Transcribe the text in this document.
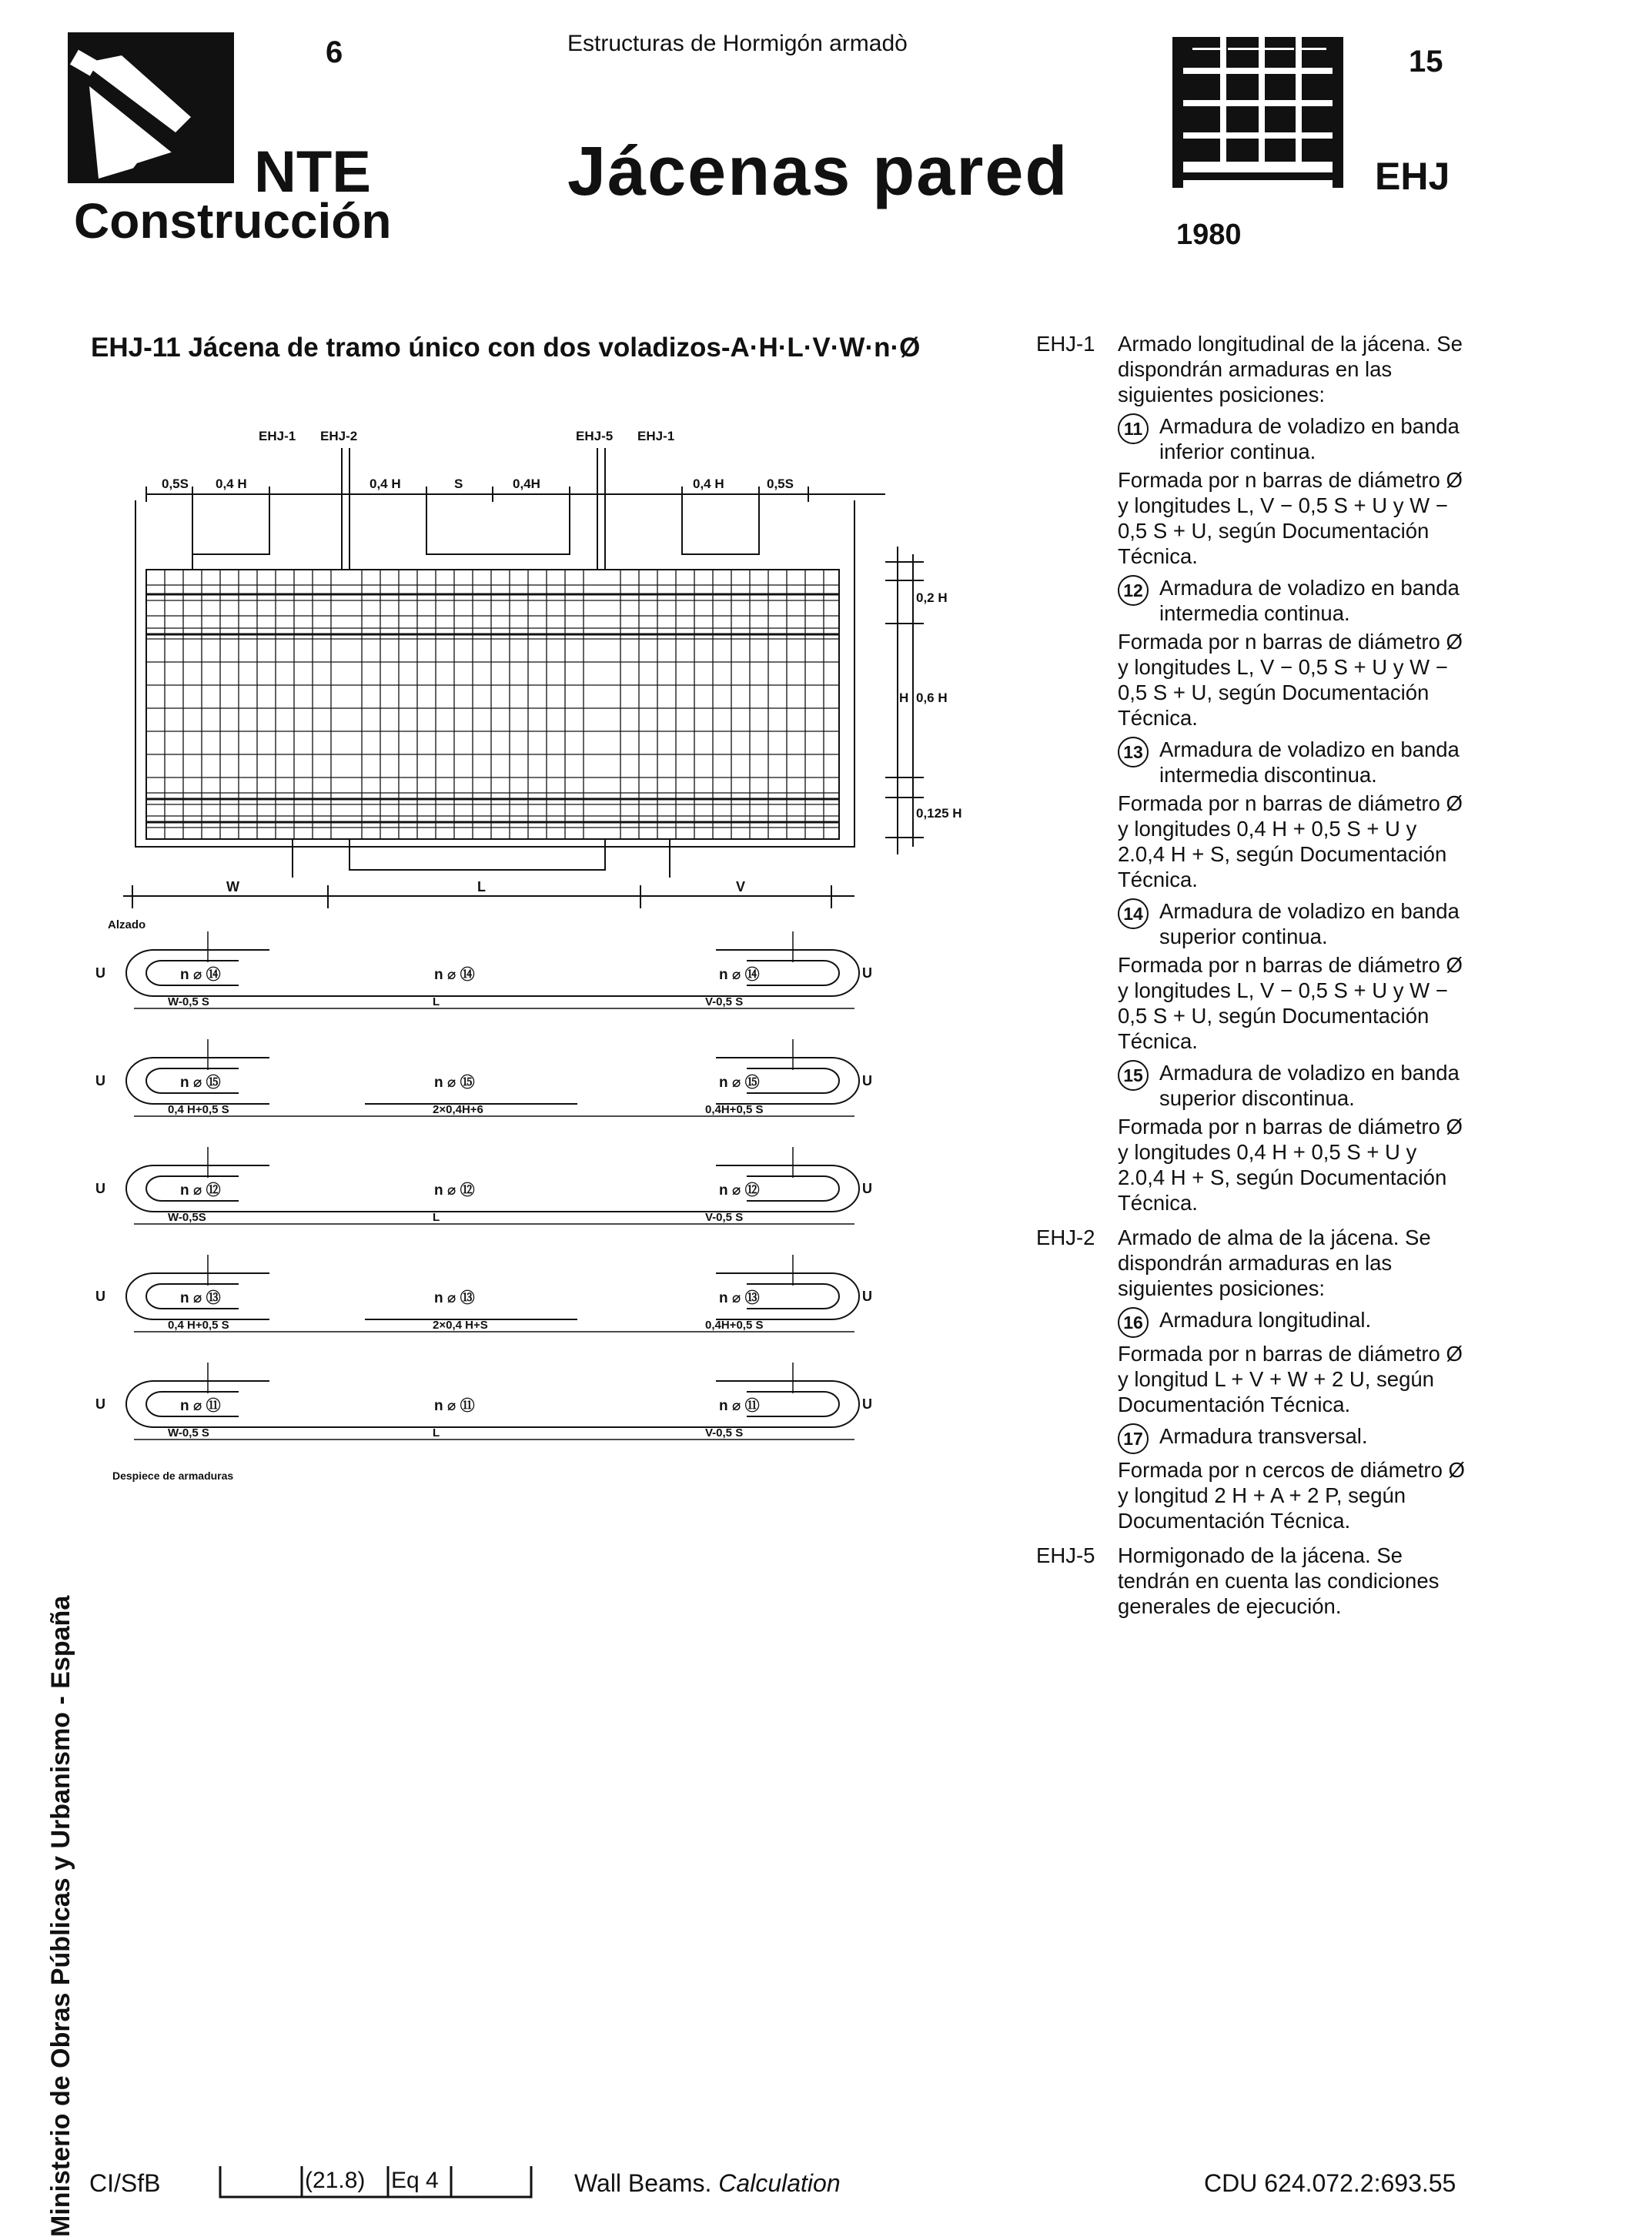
6
NTE
Construcción
Estructuras de Hormigón armadò
Jácenas pared
15
EHJ
1980
EHJ-11 Jácena de tramo único con dos voladizos-A·H·L·V·W·n·Ø
EHJ-1 EHJ-2	EHJ-5 EHJ-1
0,5S 0,4 H	0,4 H	S	0,4H	0,4 H	0,5S
0,2 H
H 0,6 H
0,125 H
W	L	V
Alzado
U	U
n ⌀ ⑭	n ⌀ ⑭	n ⌀ ⑭
W-0,5 S	L	V-0,5 S
U	U
n ⌀ ⑮	n ⌀ ⑮	n ⌀ ⑮
0,4 H+0,5 S	2×0,4H+6	0,4H+0,5 S
U	U
n ⌀ ⑫	n ⌀ ⑫	n ⌀ ⑫
W-0,5S	L	V-0,5 S
U	U
n ⌀ ⑬	n ⌀ ⑬	n ⌀ ⑬
0,4 H+0,5 S	2×0,4 H+S	0,4H+0,5 S
U	U
n ⌀ ⑪	n ⌀ ⑪	n ⌀ ⑪
W-0,5 S	L	V-0,5 S
Despiece de armaduras
EHJ-1	Armado longitudinal de la jácena. Se dispondrán armaduras en las siguientes posiciones:
11 Armadura de voladizo en banda inferior continua.
Formada por n barras de diámetro Ø y longitudes L, V − 0,5 S + U y W − 0,5 S + U, según Documentación Técnica.
12 Armadura de voladizo en banda intermedia continua.
Formada por n barras de diámetro Ø y longitudes L, V − 0,5 S + U y W − 0,5 S + U, según Documentación Técnica.
13 Armadura de voladizo en banda intermedia discontinua.
Formada por n barras de diámetro Ø y longitudes 0,4 H + 0,5 S + U y 2.0,4 H + S, según Documentación Técnica.
14 Armadura de voladizo en banda superior continua.
Formada por n barras de diámetro Ø y longitudes L, V − 0,5 S + U y W − 0,5 S + U, según Documentación Técnica.
15 Armadura de voladizo en banda superior discontinua.
Formada por n barras de diámetro Ø y longitudes 0,4 H + 0,5 S + U y 2.0,4 H + S, según Documentación Técnica.
EHJ-2	Armado de alma de la jácena. Se dispondrán armaduras en las siguientes posiciones:
16 Armadura longitudinal.
Formada por n barras de diámetro Ø y longitud L + V + W + 2 U, según Documentación Técnica.
17 Armadura transversal.
Formada por n cercos de diámetro Ø y longitud 2 H + A + 2 P, según Documentación Técnica.
EHJ-5	Hormigonado de la jácena. Se tendrán en cuenta las condiciones generales de ejecución.
Ministerio de Obras Públicas y Urbanismo - España CI/SfB	(21.8) Eq 4	Wall Beams. Calculation	CDU 624.072.2:693.55
